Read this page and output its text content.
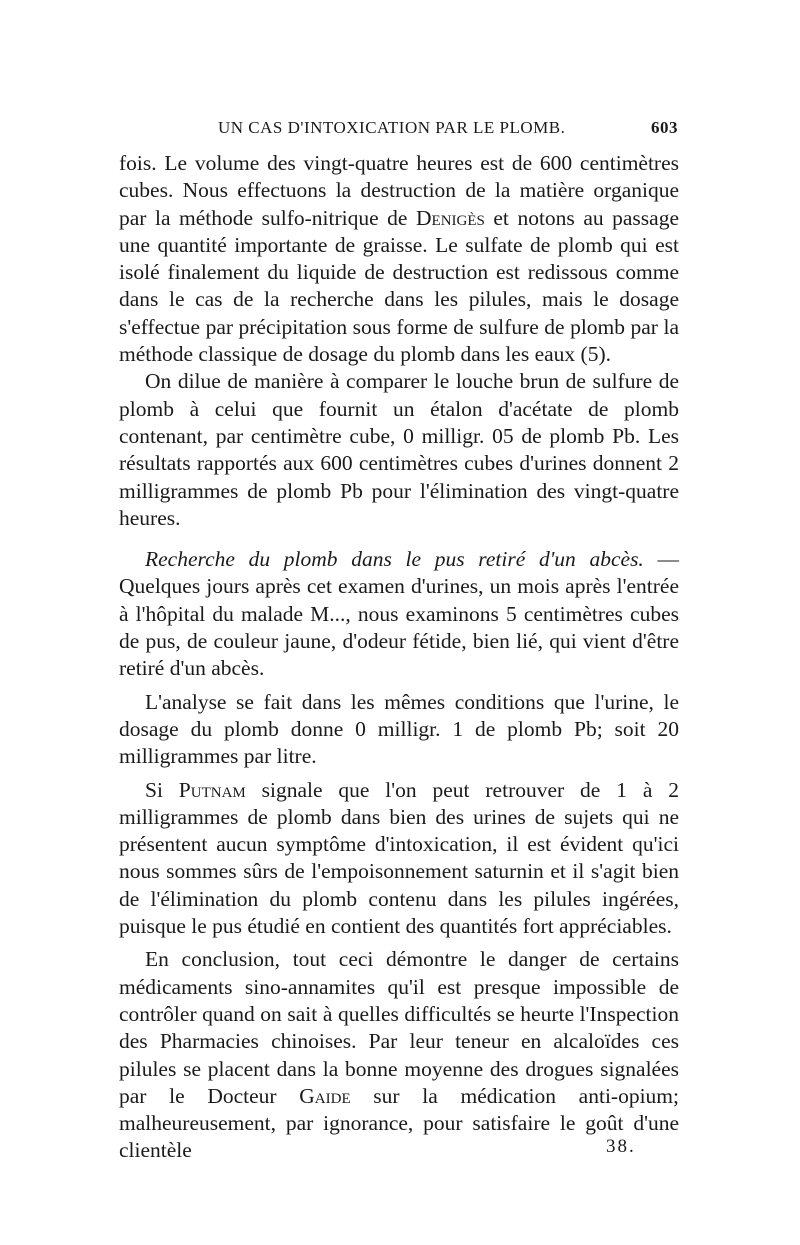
UN CAS D'INTOXICATION PAR LE PLOMB.	603

fois. Le volume des vingt-quatre heures est de 600 centimètres cubes. Nous effectuons la destruction de la matière organique par la méthode sulfo-nitrique de Denigès et notons au passage une quantité importante de graisse. Le sulfate de plomb qui est isolé finalement du liquide de destruction est redissous comme dans le cas de la recherche dans les pilules, mais le dosage s'effectue par précipitation sous forme de sulfure de plomb par la méthode classique de dosage du plomb dans les eaux (5).

On dilue de manière à comparer le louche brun de sulfure de plomb à celui que fournit un étalon d'acétate de plomb contenant, par centimètre cube, 0 milligr. 05 de plomb Pb. Les résultats rapportés aux 600 centimètres cubes d'urines donnent 2 milligrammes de plomb Pb pour l'élimination des vingt-quatre heures.

Recherche du plomb dans le pus retiré d'un abcès. — Quelques jours après cet examen d'urines, un mois après l'entrée à l'hôpital du malade M..., nous examinons 5 centimètres cubes de pus, de couleur jaune, d'odeur fétide, bien lié, qui vient d'être retiré d'un abcès.

L'analyse se fait dans les mêmes conditions que l'urine, le dosage du plomb donne 0 milligr. 1 de plomb Pb; soit 20 milligrammes par litre.

Si Putnam signale que l'on peut retrouver de 1 à 2 milligrammes de plomb dans bien des urines de sujets qui ne présentent aucun symptôme d'intoxication, il est évident qu'ici nous sommes sûrs de l'empoisonnement saturnin et il s'agit bien de l'élimination du plomb contenu dans les pilules ingérées, puisque le pus étudié en contient des quantités fort appréciables.

En conclusion, tout ceci démontre le danger de certains médicaments sino-annamites qu'il est presque impossible de contrôler quand on sait à quelles difficultés se heurte l'Inspection des Pharmacies chinoises. Par leur teneur en alcaloïdes ces pilules se placent dans la bonne moyenne des drogues signalées par le Docteur Gaide sur la médication anti-opium; malheureusement, par ignorance, pour satisfaire le goût d'une clientèle	38.
